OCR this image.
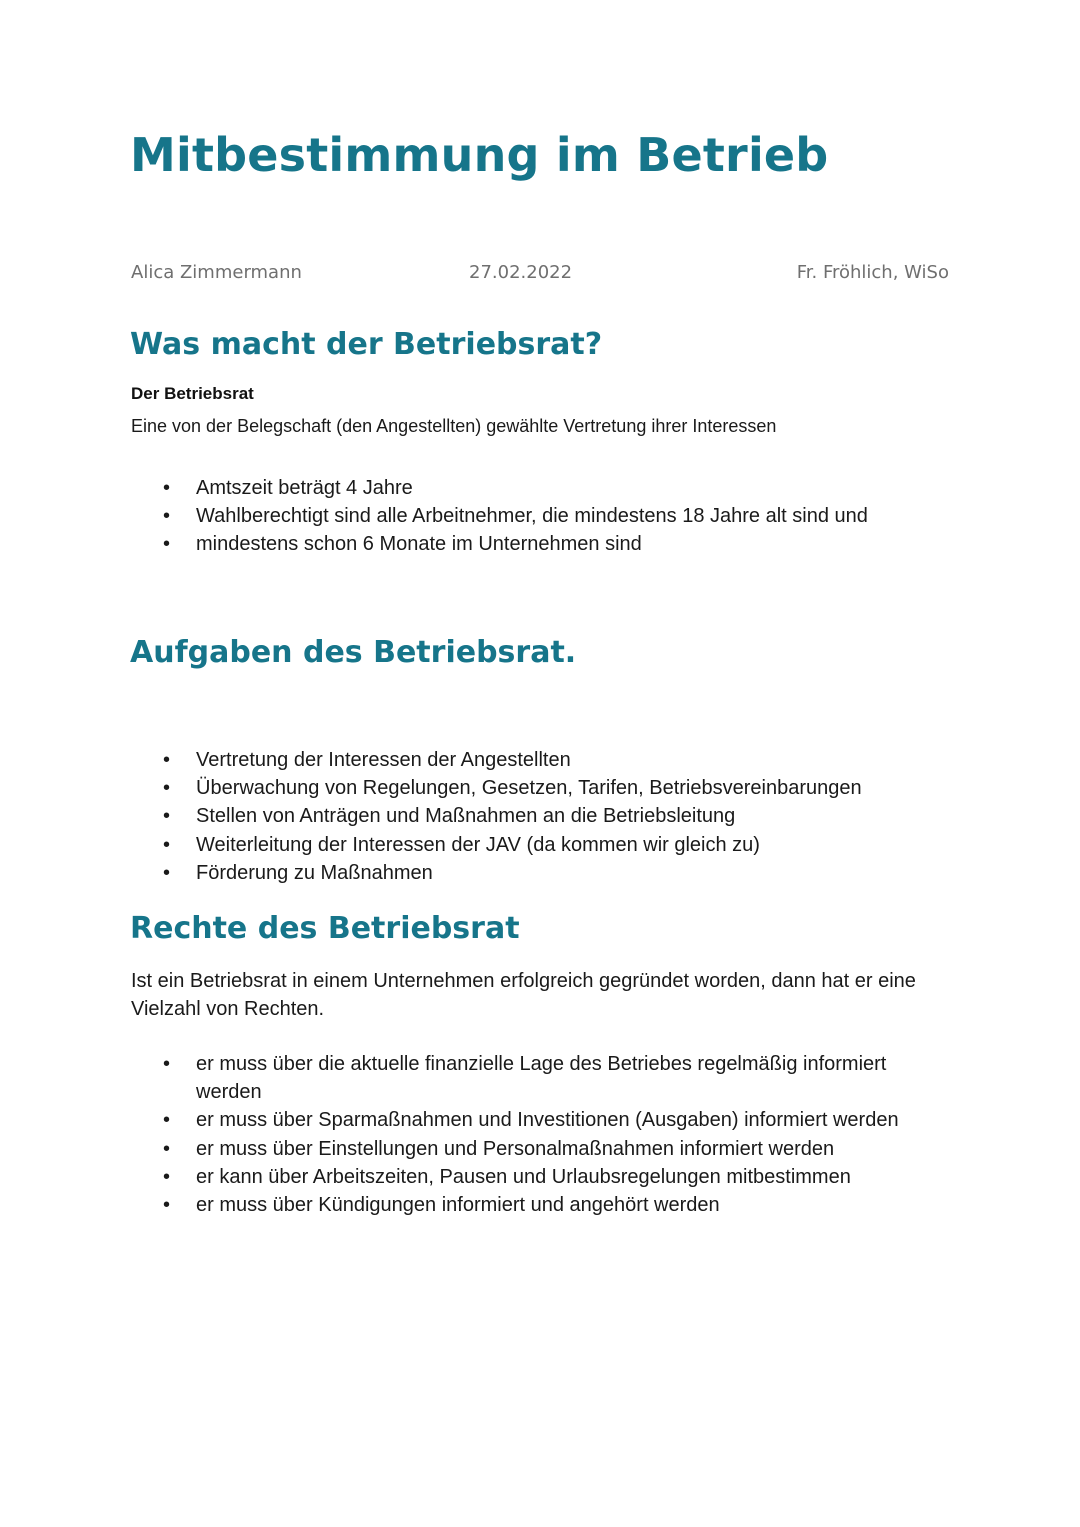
Mitbestimmung im Betrieb
Alica Zimmermann	27.02.2022	Fr. Fröhlich, WiSo
Was macht der Betriebsrat?
Der Betriebsrat
Eine von der Belegschaft (den Angestellten) gewählte Vertretung ihrer Interessen
• Amtszeit beträgt 4 Jahre
• Wahlberechtigt sind alle Arbeitnehmer, die mindestens 18 Jahre alt sind und
• mindestens schon 6 Monate im Unternehmen sind
Aufgaben des Betriebsrat.
• Vertretung der Interessen der Angestellten
• Überwachung von Regelungen, Gesetzen, Tarifen, Betriebsvereinbarungen
• Stellen von Anträgen und Maßnahmen an die Betriebsleitung
• Weiterleitung der Interessen der JAV (da kommen wir gleich zu)
• Förderung zu Maßnahmen
Rechte des Betriebsrat
Ist ein Betriebsrat in einem Unternehmen erfolgreich gegründet worden, dann hat er eine Vielzahl von Rechten.
• er muss über die aktuelle finanzielle Lage des Betriebes regelmäßig informiert werden
• er muss über Sparmaßnahmen und Investitionen (Ausgaben) informiert werden
• er muss über Einstellungen und Personalmaßnahmen informiert werden
• er kann über Arbeitszeiten, Pausen und Urlaubsregelungen mitbestimmen
• er muss über Kündigungen informiert und angehört werden
